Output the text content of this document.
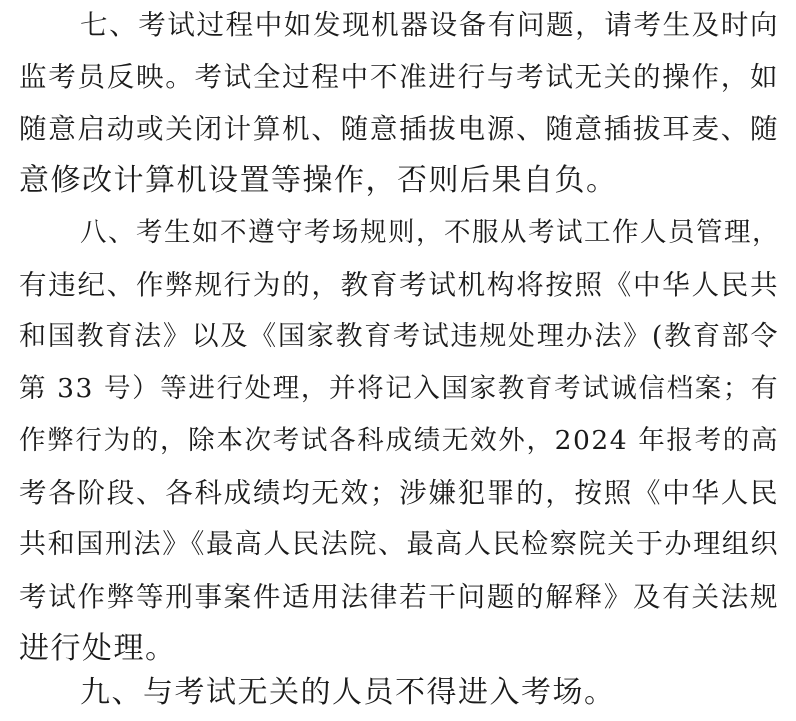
七、考试过程中如发现机器设备有问题，请考生及时向
监考员反映。考试全过程中不准进行与考试无关的操作，如
随意启动或关闭计算机、随意插拔电源、随意插拔耳麦、随
意修改计算机设置等操作，否则后果自负。
八、考生如不遵守考场规则，不服从考试工作人员管理，
有违纪、作弊规行为的，教育考试机构将按照《中华人民共
和国教育法》以及《国家教育考试违规处理办法》(教育部令
第 33 号）等进行处理，并将记入国家教育考试诚信档案；有
作弊行为的，除本次考试各科成绩无效外，2024 年报考的高
考各阶段、各科成绩均无效；涉嫌犯罪的，按照《中华人民
共和国刑法》《最高人民法院、最高人民检察院关于办理组织
考试作弊等刑事案件适用法律若干问题的解释》及有关法规
进行处理。
九、与考试无关的人员不得进入考场。
